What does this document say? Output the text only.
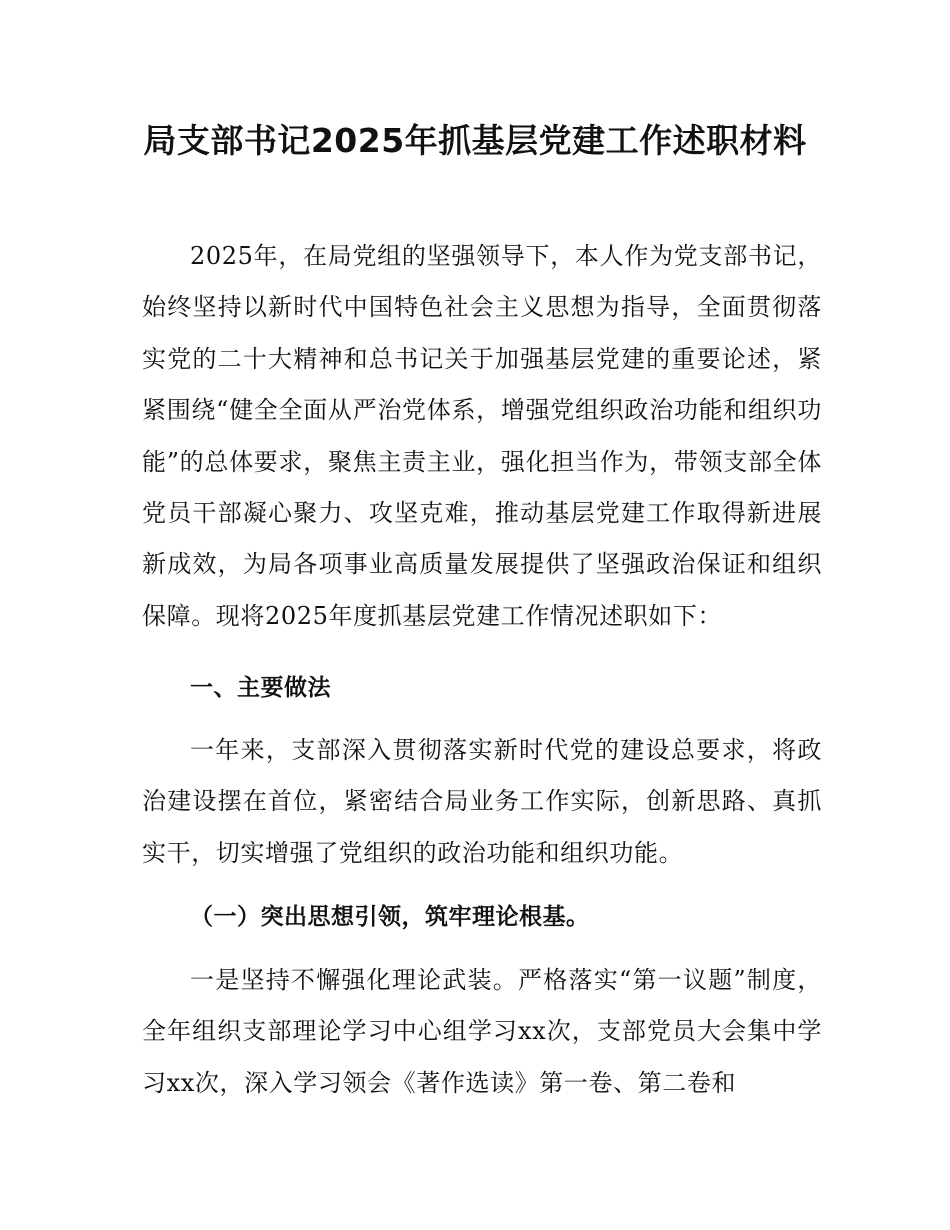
局支部书记2025年抓基层党建工作述职材料

2025年，在局党组的坚强领导下，本人作为党支部书记，始终坚持以新时代中国特色社会主义思想为指导，全面贯彻落实党的二十大精神和总书记关于加强基层党建的重要论述，紧紧围绕“健全全面从严治党体系，增强党组织政治功能和组织功能”的总体要求，聚焦主责主业，强化担当作为，带领支部全体党员干部凝心聚力、攻坚克难，推动基层党建工作取得新进展新成效，为局各项事业高质量发展提供了坚强政治保证和组织保障。现将2025年度抓基层党建工作情况述职如下：

一、主要做法

一年来，支部深入贯彻落实新时代党的建设总要求，将政治建设摆在首位，紧密结合局业务工作实际，创新思路、真抓实干，切实增强了党组织的政治功能和组织功能。

（一）突出思想引领，筑牢理论根基。

一是坚持不懈强化理论武装。严格落实“第一议题”制度，全年组织支部理论学习中心组学习xx次，支部党员大会集中学习xx次，深入学习领会《著作选读》第一卷、第二卷和
